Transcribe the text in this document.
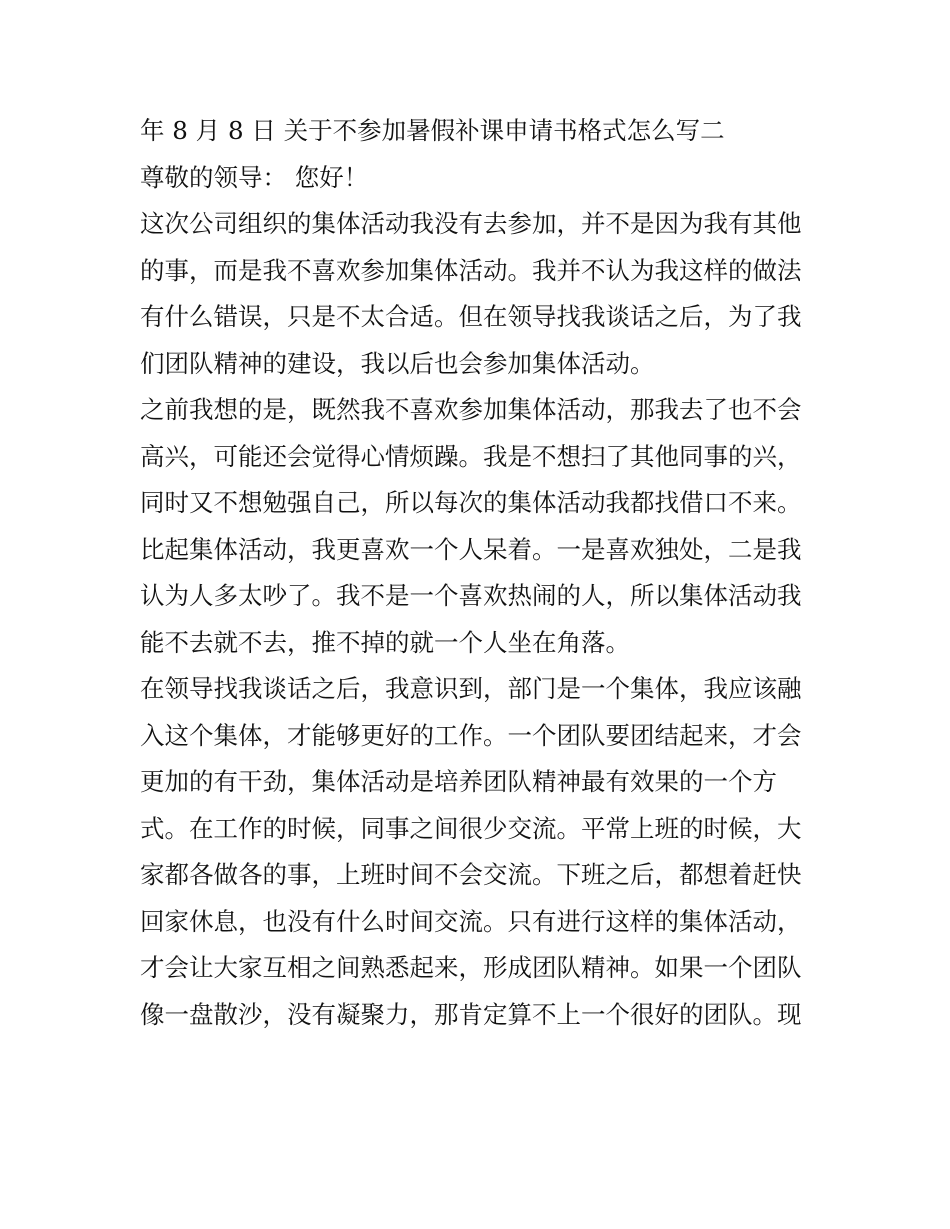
年 8 月 8 日 关于不参加暑假补课申请书格式怎么写二
尊敬的领导： 您好！
这次公司组织的集体活动我没有去参加，并不是因为我有其他
的事，而是我不喜欢参加集体活动。我并不认为我这样的做法
有什么错误，只是不太合适。但在领导找我谈话之后，为了我
们团队精神的建设，我以后也会参加集体活动。
之前我想的是，既然我不喜欢参加集体活动，那我去了也不会
高兴，可能还会觉得心情烦躁。我是不想扫了其他同事的兴，
同时又不想勉强自己，所以每次的集体活动我都找借口不来。
比起集体活动，我更喜欢一个人呆着。一是喜欢独处，二是我
认为人多太吵了。我不是一个喜欢热闹的人，所以集体活动我
能不去就不去，推不掉的就一个人坐在角落。
在领导找我谈话之后，我意识到，部门是一个集体，我应该融
入这个集体，才能够更好的工作。一个团队要团结起来，才会
更加的有干劲，集体活动是培养团队精神最有效果的一个方
式。在工作的时候，同事之间很少交流。平常上班的时候，大
家都各做各的事，上班时间不会交流。下班之后，都想着赶快
回家休息，也没有什么时间交流。只有进行这样的集体活动，
才会让大家互相之间熟悉起来，形成团队精神。如果一个团队
像一盘散沙，没有凝聚力，那肯定算不上一个很好的团队。现
